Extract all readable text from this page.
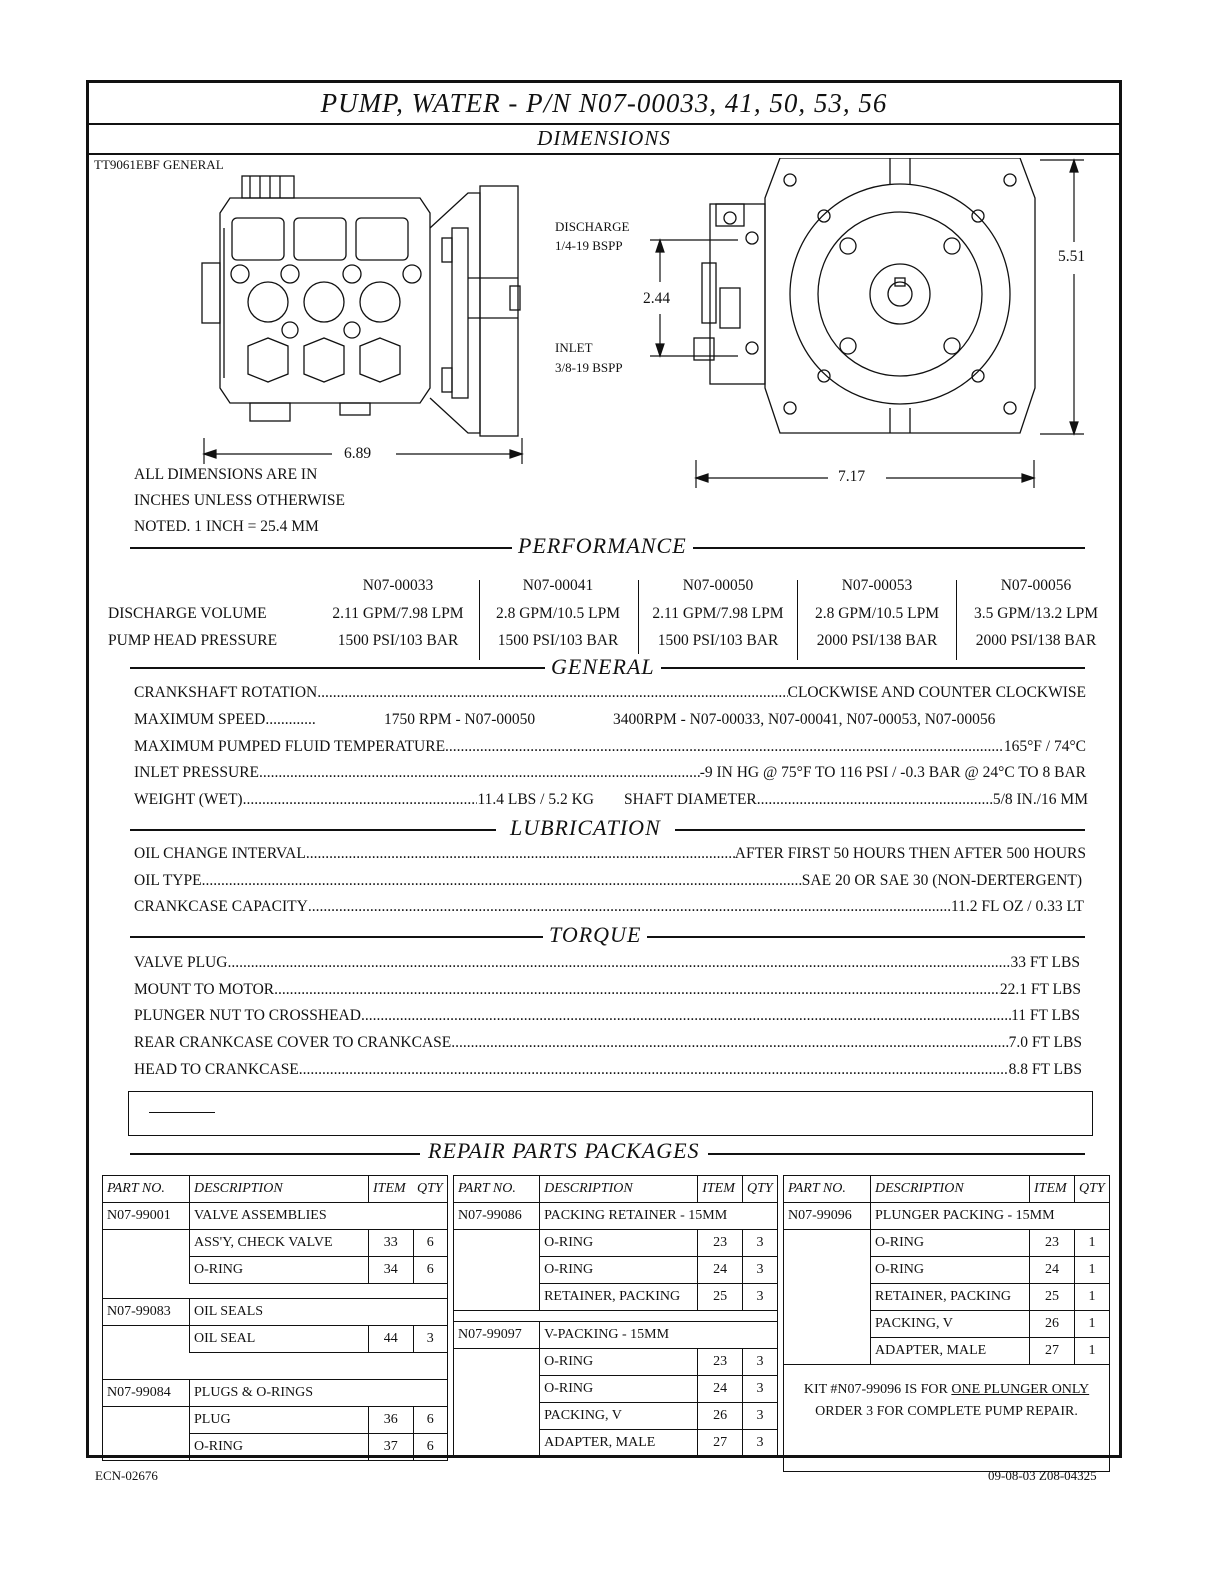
PUMP, WATER - P/N N07-00033, 41, 50, 53, 56
DIMENSIONS
TT9061EBF GENERAL
6.89
2.44
5.51
7.17
DISCHARGE
1/4-19 BSPP
INLET
3/8-19 BSPP
ALL DIMENSIONS ARE IN
INCHES UNLESS OTHERWISE
NOTED. 1 INCH = 25.4 MM
PERFORMANCE
N07-00033	N07-00041	N07-00050	N07-00053	N07-00056
DISCHARGE VOLUME	2.11 GPM/7.98 LPM	2.8 GPM/10.5 LPM	2.11 GPM/7.98 LPM	2.8 GPM/10.5 LPM	3.5 GPM/13.2 LPM
PUMP HEAD PRESSURE	1500 PSI/103 BAR	1500 PSI/103 BAR	1500 PSI/103 BAR	2000 PSI/138 BAR	2000 PSI/138 BAR
GENERAL
CRANKSHAFT ROTATION .....	CLOCKWISE AND COUNTER CLOCKWISE
MAXIMUM SPEED.............	1750 RPM - N07-00050	3400RPM - N07-00033, N07-00041, N07-00053, N07-00056
MAXIMUM PUMPED FLUID TEMPERATURE .....	165°F / 74°C
INLET PRESSURE .....	-9 IN HG @ 75°F TO 116 PSI / -0.3 BAR @ 24°C TO 8 BAR
WEIGHT (WET) .....	11.4 LBS / 5.2 KG SHAFT DIAMETER .....	5/8 IN./16 MM
LUBRICATION
OIL CHANGE INTERVAL .....	AFTER FIRST 50 HOURS THEN AFTER 500 HOURS
OIL TYPE .....	SAE 20 OR SAE 30 (NON-DERTERGENT)
CRANKCASE CAPACITY .....	11.2 FL OZ / 0.33 LT
TORQUE
VALVE PLUG .....	33 FT LBS
MOUNT TO MOTOR .....	22.1 FT LBS
PLUNGER NUT TO CROSSHEAD .....	11 FT LBS
REAR CRANKCASE COVER TO CRANKCASE .....	7.0 FT LBS
HEAD TO CRANKCASE .....	8.8 FT LBS
REPAIR PARTS PACKAGES
PART NO.	DESCRIPTION	ITEM	QTY
N07-99001	VALVE ASSEMBLIES		
	ASS'Y, CHECK VALVE	33	6
	O-RING	34	6

N07-99083	OIL SEALS		
	OIL SEAL	44	3

N07-99084	PLUGS & O-RINGS		
	PLUG	36	6
	O-RING	37	6
PART NO.	DESCRIPTION	ITEM	QTY
N07-99086	PACKING RETAINER - 15MM		
	O-RING	23	3
	O-RING	24	3
	RETAINER, PACKING	25	3

N07-99097	V-PACKING - 15MM		
	O-RING	23	3
	O-RING	24	3
	PACKING, V	26	3
	ADAPTER, MALE	27	3
PART NO.	DESCRIPTION	ITEM	QTY
N07-99096	PLUNGER PACKING - 15MM		
	O-RING	23	1
	O-RING	24	1
	RETAINER, PACKING	25	1
	PACKING, V	26	1
	ADAPTER, MALE	27	1
KIT #N07-99096 IS FOR ONE PLUNGER ONLY
ORDER 3 FOR COMPLETE PUMP REPAIR.			
ECN-02676	09-08-03 Z08-04325
